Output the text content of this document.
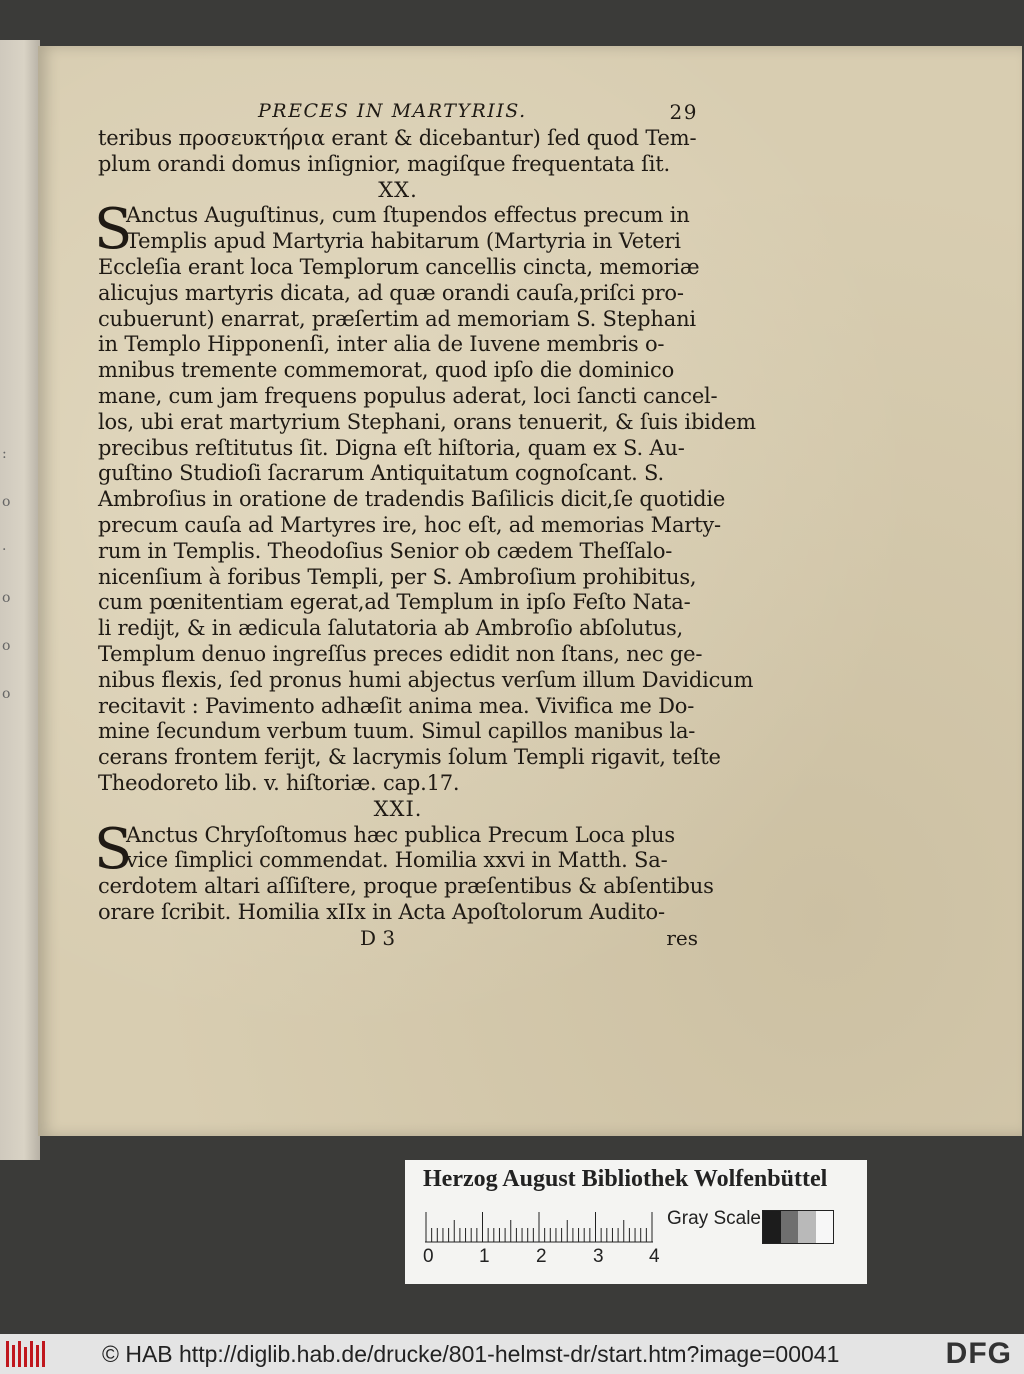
:
o
·
o
o
o
PRECES IN MARTYRIIS.	29
teribus προσευκτήρια erant & dicebantur) ſed quod Tem-
plum orandi domus inſignior, magiſque frequentata ſit.
XX.
S
Anctus Auguſtinus, cum ſtupendos effectus precum in
Templis apud Martyria habitarum (Martyria in Veteri
Eccleſia erant loca Templorum cancellis cincta, memoriæ
alicujus martyris dicata, ad quæ orandi cauſa,priſci pro-
cubuerunt) enarrat, præſertim ad memoriam S. Stephani
in Templo Hipponenſi, inter alia de Iuvene membris o-
mnibus tremente commemorat, quod ipſo die dominico
mane, cum jam frequens populus aderat, loci ſancti cancel-
los, ubi erat martyrium Stephani, orans tenuerit, & ſuis ibidem
precibus reſtitutus ſit. Digna eſt hiſtoria, quam ex S. Au-
guſtino Studioſi ſacrarum Antiquitatum cognoſcant. S.
Ambroſius in oratione de tradendis Baſilicis dicit,ſe quotidie
precum cauſa ad Martyres ire, hoc eſt, ad memorias Marty-
rum in Templis. Theodoſius Senior ob cædem Theſſalo-
nicenſium à foribus Templi, per S. Ambroſium prohibitus,
cum pœnitentiam egerat,ad Templum in ipſo Feſto Nata-
li redijt, & in ædicula ſalutatoria ab Ambroſio abſolutus,
Templum denuo ingreſſus preces edidit non ſtans, nec ge-
nibus flexis, ſed pronus humi abjectus verſum illum Davidicum
recitavit : Pavimento adhæſit anima mea. Vivifica me Do-
mine ſecundum verbum tuum. Simul capillos manibus la-
cerans frontem ferijt, & lacrymis ſolum Templi rigavit, teſte
Theodoreto lib. v. hiſtoriæ. cap.17.
XXI.
S
Anctus Chryſoſtomus hæc publica Precum Loca plus
vice ſimplici commendat. Homilia xxvi in Matth. Sa-
cerdotem altari aſſiſtere, proque præſentibus & abſentibus
orare ſcribit. Homilia xIIx in Acta Apoſtolorum Audito-
D 3	res
Herzog August Bibliothek Wolfenbüttel
0 1 2 3 4
Gray Scale
© HAB http://diglib.hab.de/drucke/801-helmst-dr/start.htm?image=00041	DFG
